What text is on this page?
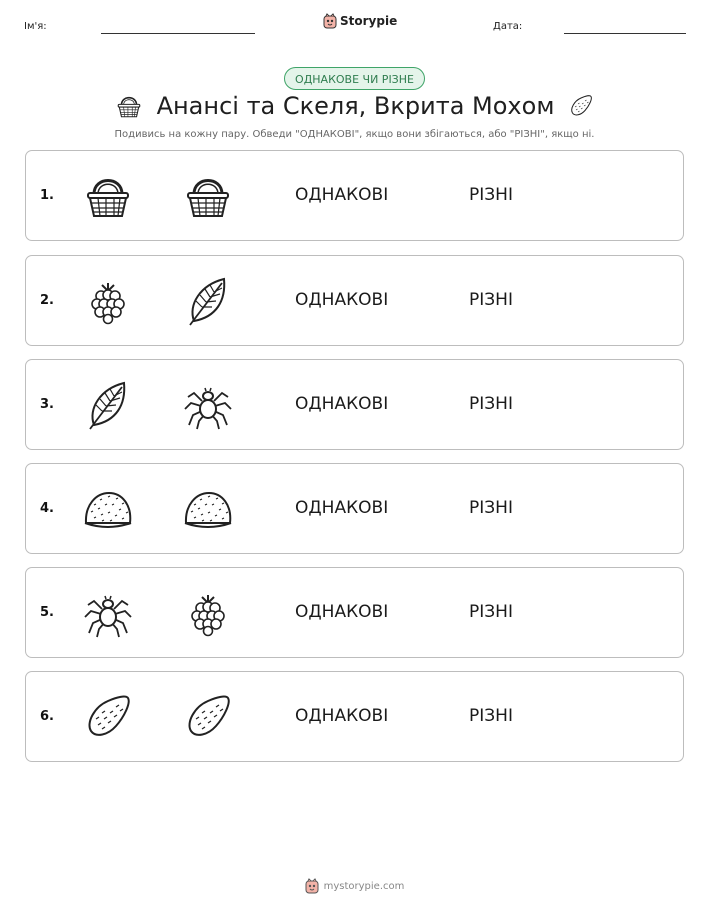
Ім'я:	Storypie	Дата:
ОДНАКОВЕ ЧИ РІЗНЕ
Анансі та Скеля, Вкрита Мохом
Подивись на кожну пару. Обведи "ОДНАКОВІ", якщо вони збігаються, або "РІЗНІ", якщо ні.
1.	ОДНАКОВІ	РІЗНІ
2.	ОДНАКОВІ	РІЗНІ
3.	ОДНАКОВІ	РІЗНІ
4.	ОДНАКОВІ	РІЗНІ
5.	ОДНАКОВІ	РІЗНІ
6.	ОДНАКОВІ	РІЗНІ
mystorypie.com
